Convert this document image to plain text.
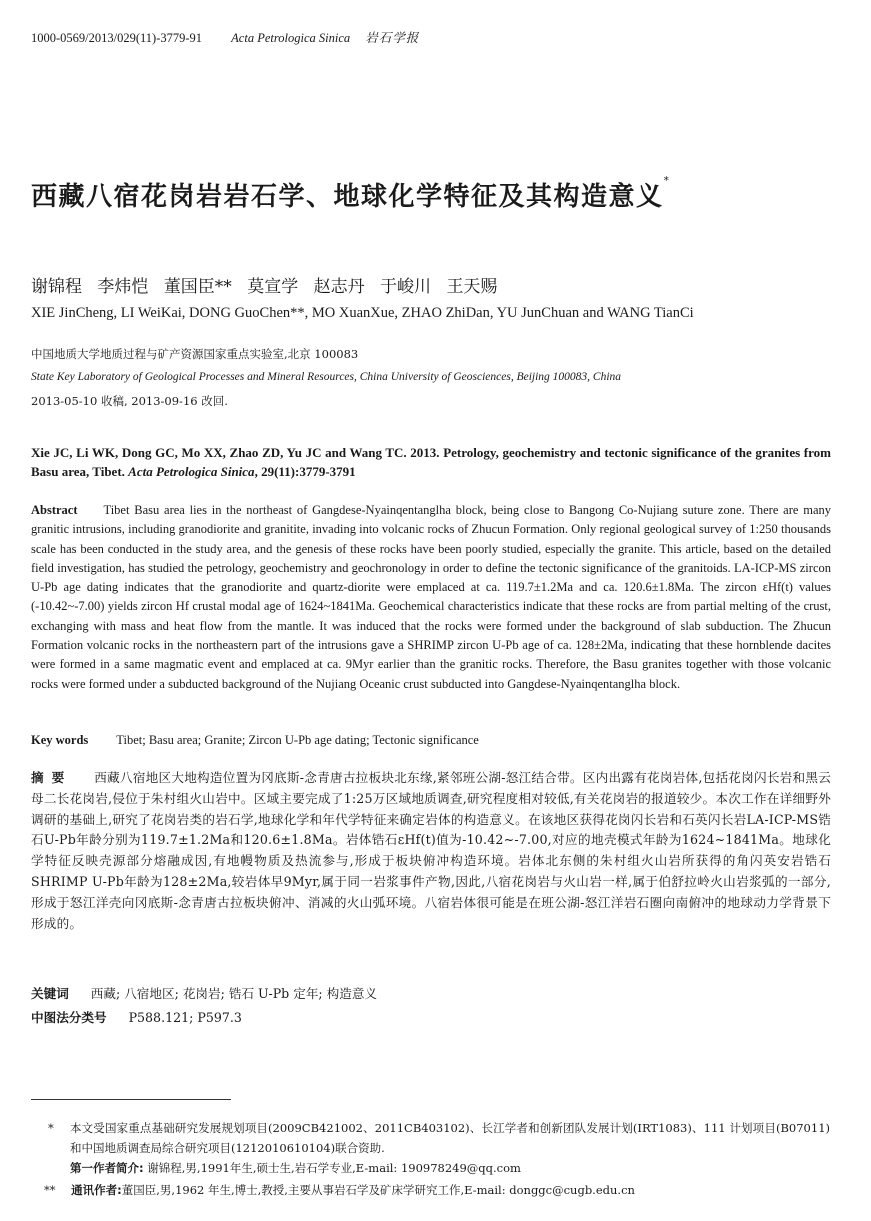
1000-0569/2013/029(11)-3779-91 Acta Petrologica Sinica 岩石学报
西藏八宿花岗岩岩石学、地球化学特征及其构造意义*
谢锦程 李炜恺 董国臣** 莫宣学 赵志丹 于峻川 王天赐
XIE JinCheng, LI WeiKai, DONG GuoChen**, MO XuanXue, ZHAO ZhiDan, YU JunChuan and WANG TianCi
中国地质大学地质过程与矿产资源国家重点实验室,北京 100083
State Key Laboratory of Geological Processes and Mineral Resources, China University of Geosciences, Beijing 100083, China
2013-05-10 收稿, 2013-09-16 改回.
Xie JC, Li WK, Dong GC, Mo XX, Zhao ZD, Yu JC and Wang TC. 2013. Petrology, geochemistry and tectonic significance of the granites from Basu area, Tibet. Acta Petrologica Sinica, 29(11):3779-3791
Abstract Tibet Basu area lies in the northeast of Gangdese-Nyainqentanglha block, being close to Bangong Co-Nujiang suture zone. There are many granitic intrusions, including granodiorite and granitite, invading into volcanic rocks of Zhucun Formation. Only regional geological survey of 1:250 thousands scale has been conducted in the study area, and the genesis of these rocks have been poorly studied, especially the granite. This article, based on the detailed field investigation, has studied the petrology, geochemistry and geochronology in order to define the tectonic significance of the granitoids. LA-ICP-MS zircon U-Pb age dating indicates that the granodiorite and quartz-diorite were emplaced at ca. 119.7±1.2Ma and ca. 120.6±1.8Ma. The zircon εHf(t) values (-10.42~-7.00) yields zircon Hf crustal modal age of 1624~1841Ma. Geochemical characteristics indicate that these rocks are from partial melting of the crust, exchanging with mass and heat flow from the mantle. It was induced that the rocks were formed under the background of slab subduction. The Zhucun Formation volcanic rocks in the northeastern part of the intrusions gave a SHRIMP zircon U-Pb age of ca. 128±2Ma, indicating that these hornblende dacites were formed in a same magmatic event and emplaced at ca. 9Myr earlier than the granitic rocks. Therefore, the Basu granites together with those volcanic rocks were formed under a subducted background of the Nujiang Oceanic crust subducted into Gangdese-Nyainqentanglha block.
Key words Tibet; Basu area; Granite; Zircon U-Pb age dating; Tectonic significance
摘要 西藏八宿地区大地构造位置为冈底斯-念青唐古拉板块北东缘,紧邻班公湖-怒江结合带。区内出露有花岗岩体,包括花岗闪长岩和黑云母二长花岗岩,侵位于朱村组火山岩中。区域主要完成了1:25万区域地质调查,研究程度相对较低,有关花岗岩的报道较少。本次工作在详细野外调研的基础上,研究了花岗岩类的岩石学,地球化学和年代学特征来确定岩体的构造意义。在该地区获得花岗闪长岩和石英闪长岩LA-ICP-MS锆石U-Pb年龄分别为119.7±1.2Ma和120.6±1.8Ma。岩体锆石εHf(t)值为-10.42~-7.00,对应的地壳模式年龄为1624~1841Ma。地球化学特征反映壳源部分熔融成因,有地幔物质及热流参与,形成于板块俯冲构造环境。岩体北东侧的朱村组火山岩所获得的角闪英安岩锆石SHRIMP U-Pb年龄为128±2Ma,较岩体早9Myr,属于同一岩浆事件产物,因此,八宿花岗岩与火山岩一样,属于伯舒拉岭火山岩浆弧的一部分,形成于怒江洋壳向冈底斯-念青唐古拉板块俯冲、消减的火山弧环境。八宿岩体很可能是在班公湖-怒江洋岩石圈向南俯冲的地球动力学背景下形成的。
关键词 西藏; 八宿地区; 花岗岩; 锆石 U-Pb 定年; 构造意义
中图法分类号 P588.121; P597.3
* 本文受国家重点基础研究发展规划项目(2009CB421002、2011CB403102)、长江学者和创新团队发展计划(IRT1083)、111 计划项目(B07011)和中国地质调查局综合研究项目(1212010610104)联合资助.
第一作者简介: 谢锦程,男,1991年生,硕士生,岩石学专业,E-mail: 190978249@qq.com
** 通讯作者:董国臣,男,1962 年生,博士,教授,主要从事岩石学及矿床学研究工作,E-mail: donggc@cugb.edu.cn
